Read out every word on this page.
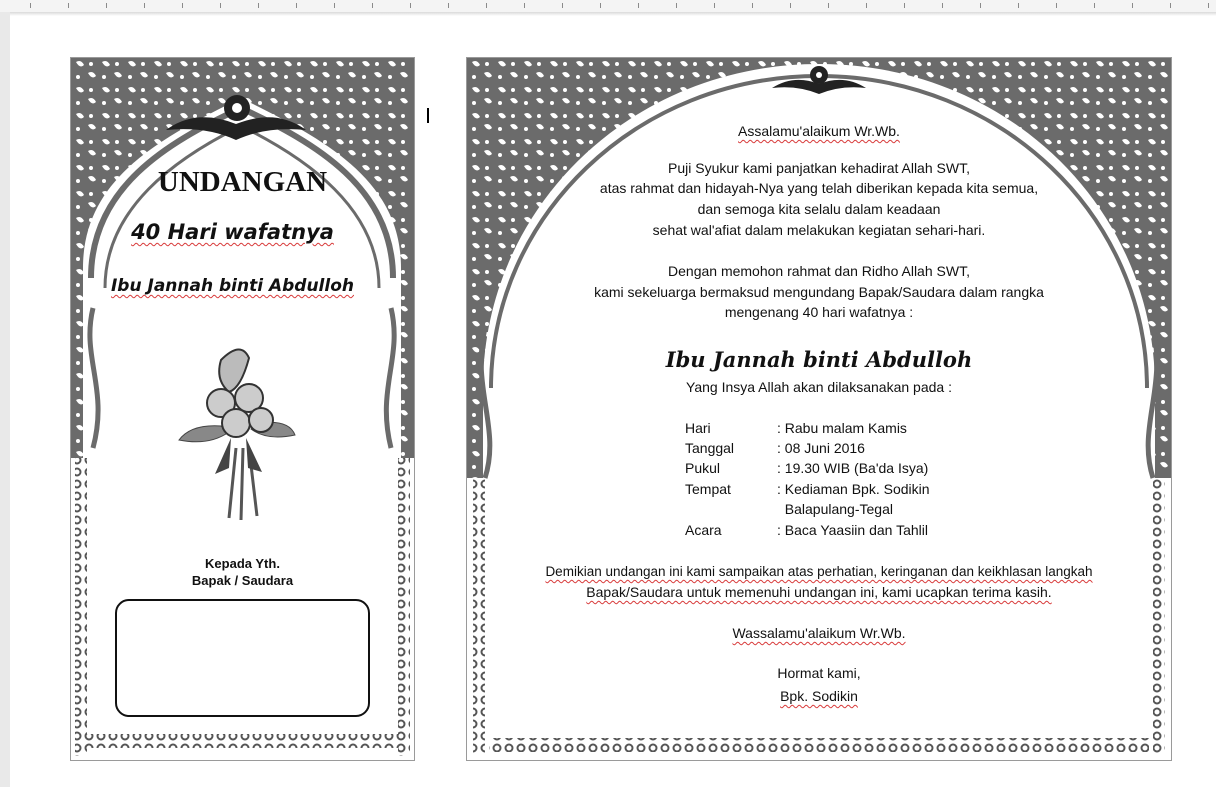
UNDANGAN
40 Hari wafatnya
Ibu Jannah binti Abdulloh
Kepada Yth.
Bapak / Saudara
Assalamu'alaikum Wr.Wb.
Puji Syukur kami panjatkan kehadirat Allah SWT,
atas rahmat dan hidayah-Nya yang telah diberikan kepada kita semua,
dan semoga kita selalu dalam keadaan
sehat wal'afiat dalam melakukan kegiatan sehari-hari.
Dengan memohon rahmat dan Ridho Allah SWT,
kami sekeluarga bermaksud mengundang Bapak/Saudara dalam rangka
mengenang 40 hari wafatnya :
Ibu Jannah binti Abdulloh
Yang Insya Allah akan dilaksanakan pada :
Hari	: Rabu malam Kamis
Tanggal	: 08 Juni 2016
Pukul	: 19.30 WIB (Ba'da Isya)
Tempat	: Kediaman Bpk. Sodikin
Balapulang-Tegal
Acara	: Baca Yaasiin dan Tahlil
Demikian undangan ini kami sampaikan atas perhatian, keringanan dan keikhlasan langkah
Bapak/Saudara untuk memenuhi undangan ini, kami ucapkan terima kasih.
Wassalamu'alaikum Wr.Wb.
Hormat kami,
Bpk. Sodikin
